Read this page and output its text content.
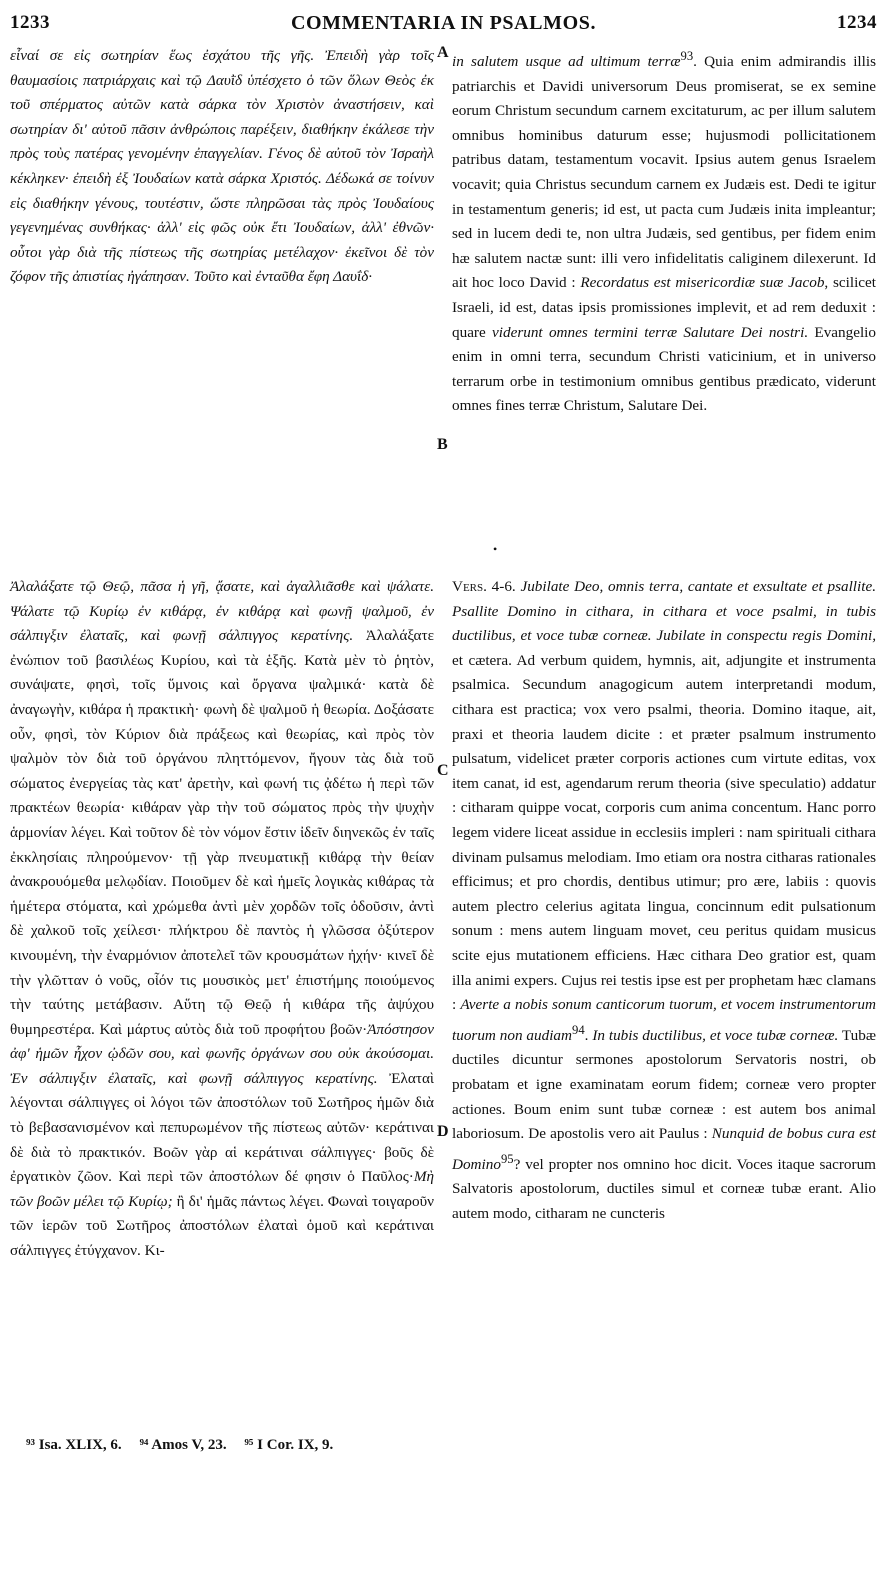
1233	COMMENTARIA IN PSALMOS.	1234

εἶναί σε εἰς σωτηρίαν ἕως ἐσχάτου τῆς γῆς. Ἐπειδὴ γὰρ τοῖς θαυμασίοις πατριάρχαις καὶ τῷ Δαυῒδ ὑπέσχετο ὁ τῶν ὅλων Θεὸς ἐκ τοῦ σπέρματος αὐτῶν κατὰ σάρκα τὸν Χριστὸν ἀναστήσειν, καὶ σωτηρίαν δι' αὐτοῦ πᾶσιν ἀνθρώποις παρέξειν, διαθήκην ἐκάλεσε τὴν πρὸς τοὺς πατέρας γενομένην ἐπαγγελίαν. Γένος δὲ αὐτοῦ τὸν Ἰσραὴλ κέκληκεν· ἐπειδὴ ἐξ Ἰουδαίων κατὰ σάρκα Χριστός. Δέδωκά σε τοίνυν εἰς διαθήκην γένους, τουτέστιν, ὥστε πληρῶσαι τὰς πρὸς Ἰουδαίους γεγενημένας συνθήκας· ἀλλ' εἰς φῶς οὐκ ἔτι Ἰουδαίων, ἀλλ' ἐθνῶν· οὗτοι γὰρ διὰ τῆς πίστεως τῆς σωτηρίας μετέλαχον· ἐκεῖνοι δὲ τὸν ζόφον τῆς ἀπιστίας ἠγάπησαν. Τοῦτο καὶ ἐνταῦθα ἔφη Δαυΐδ·

in salutem usque ad ultimum terræ$^{93}$. Quia enim admirandis illis patriarchis et Davidi universorum Deus promiserat, se ex semine eorum Christum secundum carnem excitaturum, ac per illum salutem omnibus hominibus daturum esse; hujusmodi pollicitationem patribus datam, testamentum vocavit. Ipsius autem genus Israelem vocavit; quia Christus secundum carnem ex Judæis est. Dedi te igitur in testamentum generis; id est, ut pacta cum Judæis inita impleantur; sed in lucem dedi te, non ultra Judæis, sed gentibus, per fidem enim hæ salutem nactæ sunt: illi vero infidelitatis caliginem dilexerunt. Id ait hoc loco David : Recordatus est misericordiæ suæ Jacob, scilicet Israeli, id est, datas ipsis promissiones implevit, et ad rem deduxit : quare viderunt omnes termini terræ Salutare Dei nostri. Evangelio enim in omni terra, secundum Christi vaticinium, et in universo terrarum orbe in testimonium omnibus gentibus prædicato, viderunt omnes fines terræ Christum, Salutare Dei.

•

Ἀλαλάξατε τῷ Θεῷ, πᾶσα ἡ γῆ, ᾄσατε, καὶ ἀγαλλιᾶσθε καὶ ψάλατε. Ψάλατε τῷ Κυρίῳ ἐν κιθάρᾳ, ἐν κιθάρᾳ καὶ φωνῇ ψαλμοῦ, ἐν σάλπιγξιν ἐλαταῖς, καὶ φωνῇ σάλπιγγος κερατίνης. Ἀλαλάξατε ἐνώπιον τοῦ βασιλέως Κυρίου, καὶ τὰ ἑξῆς. Κατὰ μὲν τὸ ῥητὸν, συνάψατε, φησὶ, τοῖς ὕμνοις καὶ ὄργανα ψαλμικά· κατὰ δὲ ἀναγωγὴν, κιθάρα ἡ πρακτικὴ· φωνὴ δὲ ψαλμοῦ ἡ θεωρία. Δοξάσατε οὖν, φησὶ, τὸν Κύριον διὰ πράξεως καὶ θεωρίας, καὶ πρὸς τὸν ψαλμὸν τὸν διὰ τοῦ ὀργάνου πληττόμενον, ἤγουν τὰς διὰ τοῦ σώματος ἐνεργείας τὰς κατ' ἀρετὴν, καὶ φωνή τις ᾀδέτω ἡ περὶ τῶν πρακτέων θεωρία· κιθάραν γὰρ τὴν τοῦ σώματος πρὸς τὴν ψυχὴν ἁρμονίαν λέγει. Καὶ τοῦτον δὲ τὸν νόμον ἔστιν ἰδεῖν διηνεκῶς ἐν ταῖς ἐκκλησίαις πληρούμενον· τῇ γὰρ πνευματικῇ κιθάρᾳ τὴν θείαν ἀνακρουόμεθα μελῳδίαν. Ποιοῦμεν δὲ καὶ ἡμεῖς λογικὰς κιθάρας τὰ ἡμέτερα στόματα, καὶ χρώμεθα ἀντὶ μὲν χορδῶν τοῖς ὀδοῦσιν, ἀντὶ δὲ χαλκοῦ τοῖς χείλεσι· πλήκτρου δὲ παντὸς ἡ γλῶσσα ὀξύτερον κινουμένη, τὴν ἐναρμόνιον ἀποτελεῖ τῶν κρουσμάτων ἠχήν· κινεῖ δὲ τὴν γλῶτταν ὁ νοῦς, οἷόν τις μουσικὸς μετ' ἐπιστήμης ποιούμενος τὴν ταύτης μετάβασιν. Αὕτη τῷ Θεῷ ἡ κιθάρα τῆς ἀψύχου θυμηρεστέρα. Καὶ μάρτυς αὐτὸς διὰ τοῦ προφήτου βοῶν·Ἀπόστησον ἀφ' ἡμῶν ἦχον ᾠδῶν σου, καὶ φωνῆς ὀργάνων σου οὐκ ἀκούσομαι. Ἐν σάλπιγξιν ἐλαταῖς, καὶ φωνῇ σάλπιγγος κερατίνης. Ἐλαταὶ λέγονται σάλπιγγες οἱ λόγοι τῶν ἀποστόλων τοῦ Σωτῆρος ἡμῶν διὰ τὸ βεβασανισμένον καὶ πεπυρωμένον τῆς πίστεως αὐτῶν· κεράτιναι δὲ διὰ τὸ πρακτικόν. Βοῶν γὰρ αἱ κεράτιναι σάλπιγγες· βοῦς δὲ ἐργατικὸν ζῶον. Καὶ περὶ τῶν ἀποστόλων δέ φησιν ὁ Παῦλος·Μὴ τῶν βοῶν μέλει τῷ Κυρίῳ; ἢ δι' ἡμᾶς πάντως λέγει. Φωναὶ τοιγαροῦν τῶν ἱερῶν τοῦ Σωτῆρος ἀποστόλων ἐλαταὶ ὁμοῦ καὶ κεράτιναι σάλπιγγες ἐτύγχανον. Κι-

Vers. 4-6. Jubilate Deo, omnis terra, cantate et exsultate et psallite. Psallite Domino in cithara, in cithara et voce psalmi, in tubis ductilibus, et voce tubæ corneæ. Jubilate in conspectu regis Domini, et cætera. Ad verbum quidem, hymnis, ait, adjungite et instrumenta psalmica. Secundum anagogicum autem interpretandi modum, cithara est practica; vox vero psalmi, theoria. Domino itaque, ait, praxi et theoria laudem dicite : et præter psalmum instrumento pulsatum, videlicet præter corporis actiones cum virtute editas, vox item canat, id est, agendarum rerum theoria (sive speculatio) addatur : citharam quippe vocat, corporis cum anima concentum. Hanc porro legem videre liceat assidue in ecclesiis impleri : nam spirituali cithara divinam pulsamus melodiam. Imo etiam ora nostra citharas rationales efficimus; et pro chordis, dentibus utimur; pro ære, labiis : quovis autem plectro celerius agitata lingua, concinnum edit pulsationum sonum : mens autem linguam movet, ceu peritus quidam musicus scite ejus mutationem efficiens. Hæc cithara Deo gratior est, quam illa animi expers. Cujus rei testis ipse est per prophetam hæc clamans : Averte a nobis sonum canticorum tuorum, et vocem instrumentorum tuorum non audiam$^{94}$. In tubis ductilibus, et voce tubæ corneæ. Tubæ ductiles dicuntur sermones apostolorum Servatoris nostri, ob probatam et igne examinatam eorum fidem; corneæ vero propter actiones. Boum enim sunt tubæ corneæ : est autem bos animal laboriosum. De apostolis vero ait Paulus : Nunquid de bobus cura est Domino$^{95}$? vel propter nos omnino hoc dicit. Voces itaque sacrorum Salvatoris apostolorum, ductiles simul et corneæ tubæ erant. Alio autem modo, citharam ne cuncteris

A
B
C
D
⁹³ Isa. XLIX, 6. ⁹⁴ Amos V, 23. ⁹⁵ I Cor. IX, 9.
